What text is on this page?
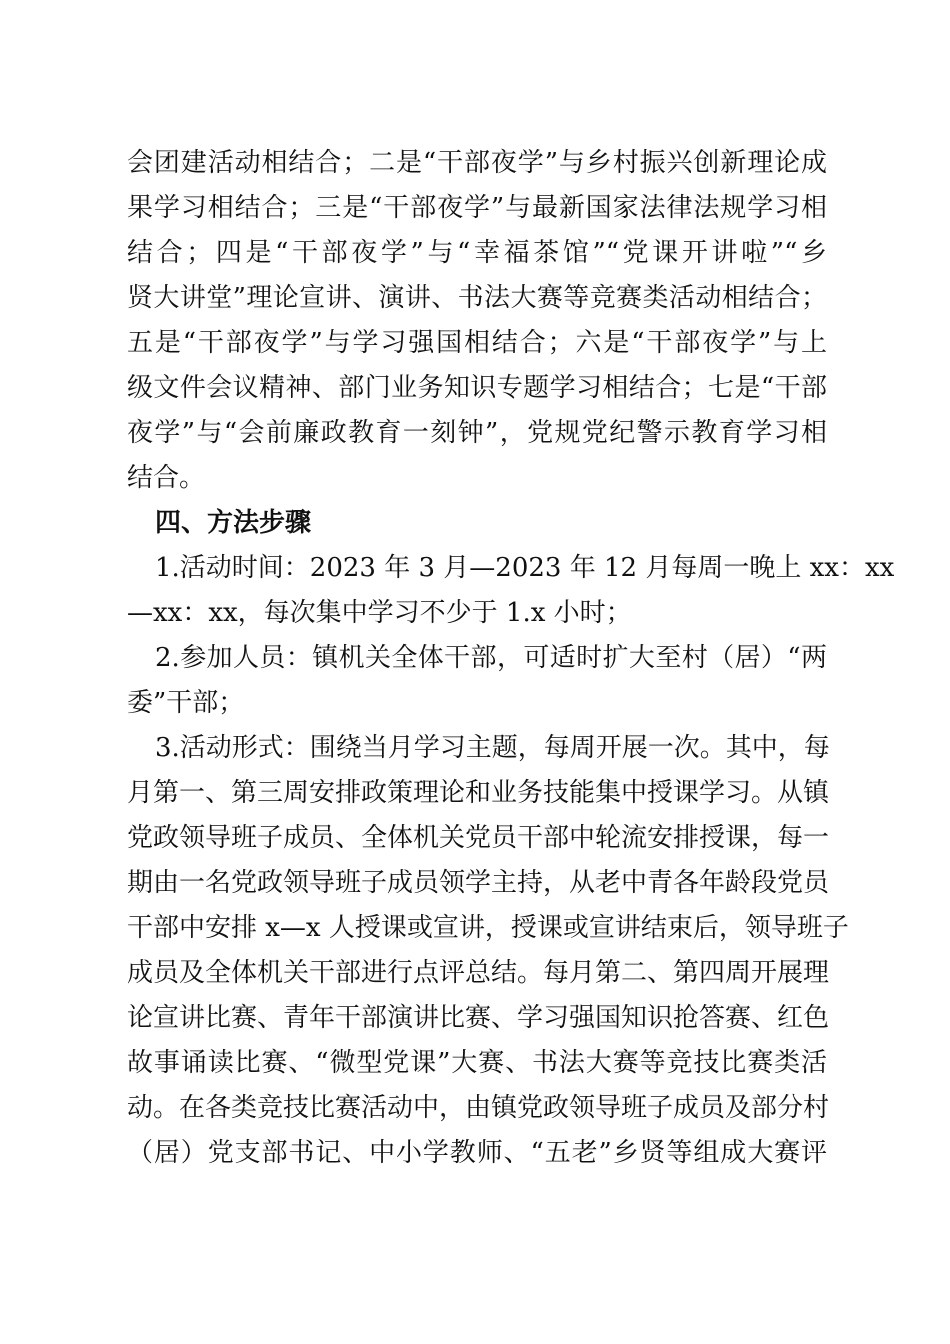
会团建活动相结合；二是“干部夜学”与乡村振兴创新理论成
果学习相结合；三是“干部夜学”与最新国家法律法规学习相
结合；四是“干部夜学”与“幸福茶馆”“党课开讲啦”“乡
贤大讲堂”理论宣讲、演讲、书法大赛等竞赛类活动相结合；
五是“干部夜学”与学习强国相结合；六是“干部夜学”与上
级文件会议精神、部门业务知识专题学习相结合；七是“干部
夜学”与“会前廉政教育一刻钟”，党规党纪警示教育学习相
结合。
四、方法步骤
1.活动时间：2023 年 3 月—2023 年 12 月每周一晚上 xx：xx
—xx：xx，每次集中学习不少于 1.x 小时；
2.参加人员：镇机关全体干部，可适时扩大至村（居）“两
委”干部；
3.活动形式：围绕当月学习主题，每周开展一次。其中，每
月第一、第三周安排政策理论和业务技能集中授课学习。从镇
党政领导班子成员、全体机关党员干部中轮流安排授课，每一
期由一名党政领导班子成员领学主持，从老中青各年龄段党员
干部中安排 x—x 人授课或宣讲，授课或宣讲结束后，领导班子
成员及全体机关干部进行点评总结。每月第二、第四周开展理
论宣讲比赛、青年干部演讲比赛、学习强国知识抢答赛、红色
故事诵读比赛、“微型党课”大赛、书法大赛等竞技比赛类活
动。在各类竞技比赛活动中，由镇党政领导班子成员及部分村
（居）党支部书记、中小学教师、“五老”乡贤等组成大赛评
